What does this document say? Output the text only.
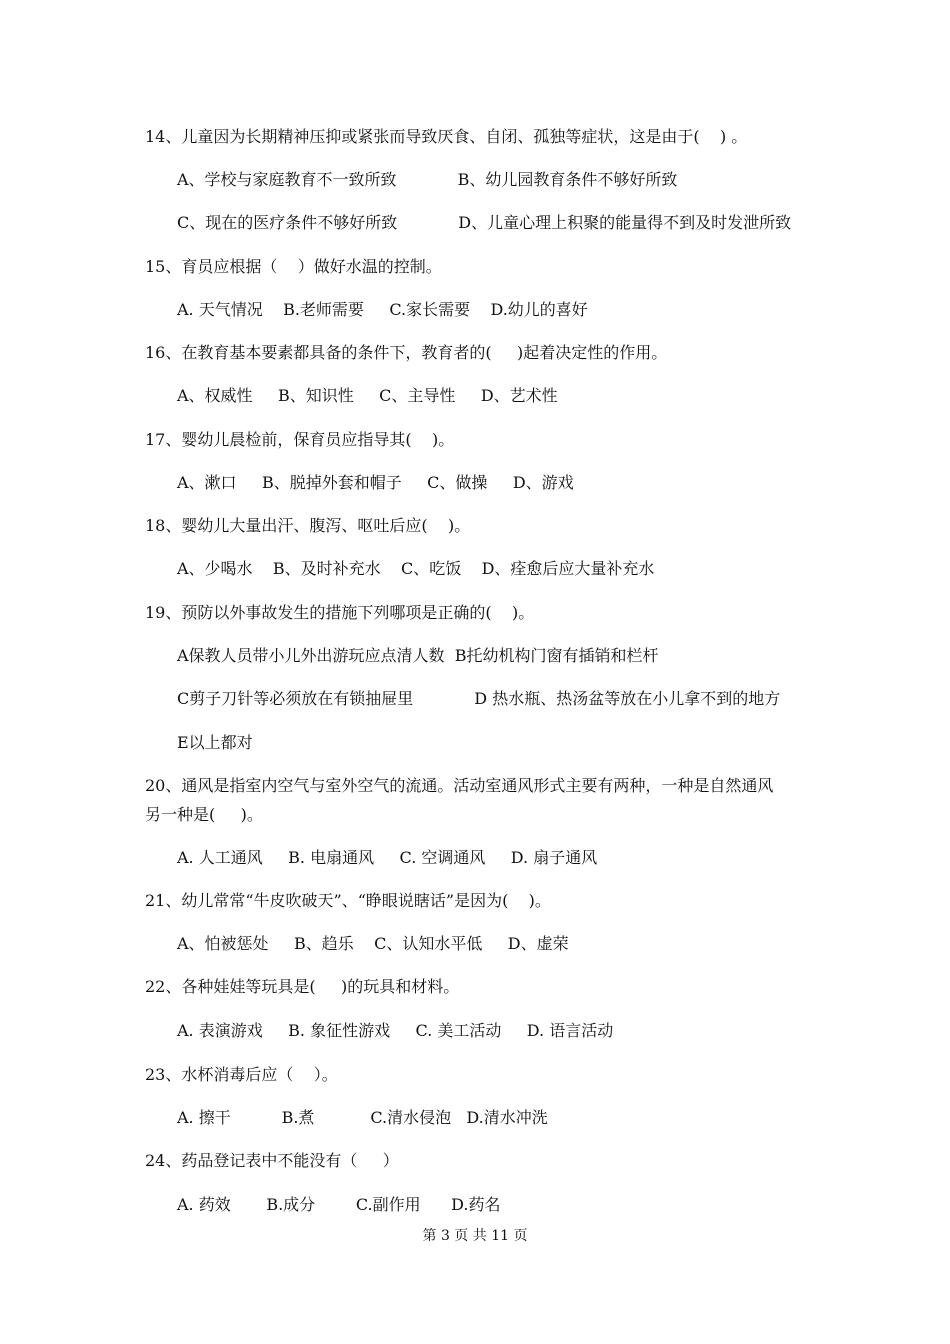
14、儿童因为长期精神压抑或紧张而导致厌食、自闭、孤独等症状，这是由于(    ) 。
A、学校与家庭教育不一致所致            B、幼儿园教育条件不够好所致
C、现在的医疗条件不够好所致            D、儿童心理上积聚的能量得不到及时发泄所致
15、育员应根据（    ）做好水温的控制。
A. 天气情况    B.老师需要     C.家长需要    D.幼儿的喜好
16、在教育基本要素都具备的条件下，教育者的(     )起着决定性的作用。
A、权威性     B、知识性     C、主导性     D、艺术性
17、婴幼儿晨检前，保育员应指导其(    )。
A、漱口     B、脱掉外套和帽子     C、做操     D、游戏
18、婴幼儿大量出汗、腹泻、呕吐后应(    )。
A、少喝水    B、及时补充水    C、吃饭    D、痊愈后应大量补充水
19、预防以外事故发生的措施下列哪项是正确的(    )。
A保教人员带小儿外出游玩应点清人数  B托幼机构门窗有插销和栏杆
C剪子刀针等必须放在有锁抽屉里            D 热水瓶、热汤盆等放在小儿拿不到的地方
E以上都对
20、通风是指室内空气与室外空气的流通。活动室通风形式主要有两种，一种是自然通风
另一种是(     )。
A. 人工通风     B. 电扇通风     C. 空调通风     D. 扇子通风
21、幼儿常常“牛皮吹破天”、“睁眼说瞎话”是因为(    )。
A、怕被惩处     B、趋乐    C、认知水平低     D、虚荣
22、各种娃娃等玩具是(     )的玩具和材料。
A. 表演游戏     B. 象征性游戏     C. 美工活动     D. 语言活动
23、水杯消毒后应（    ）。
A. 擦干          B.煮           C.清水侵泡   D.清水冲洗
24、药品登记表中不能没有（     ）
A. 药效       B.成分        C.副作用      D.药名
第 3 页 共 11 页
